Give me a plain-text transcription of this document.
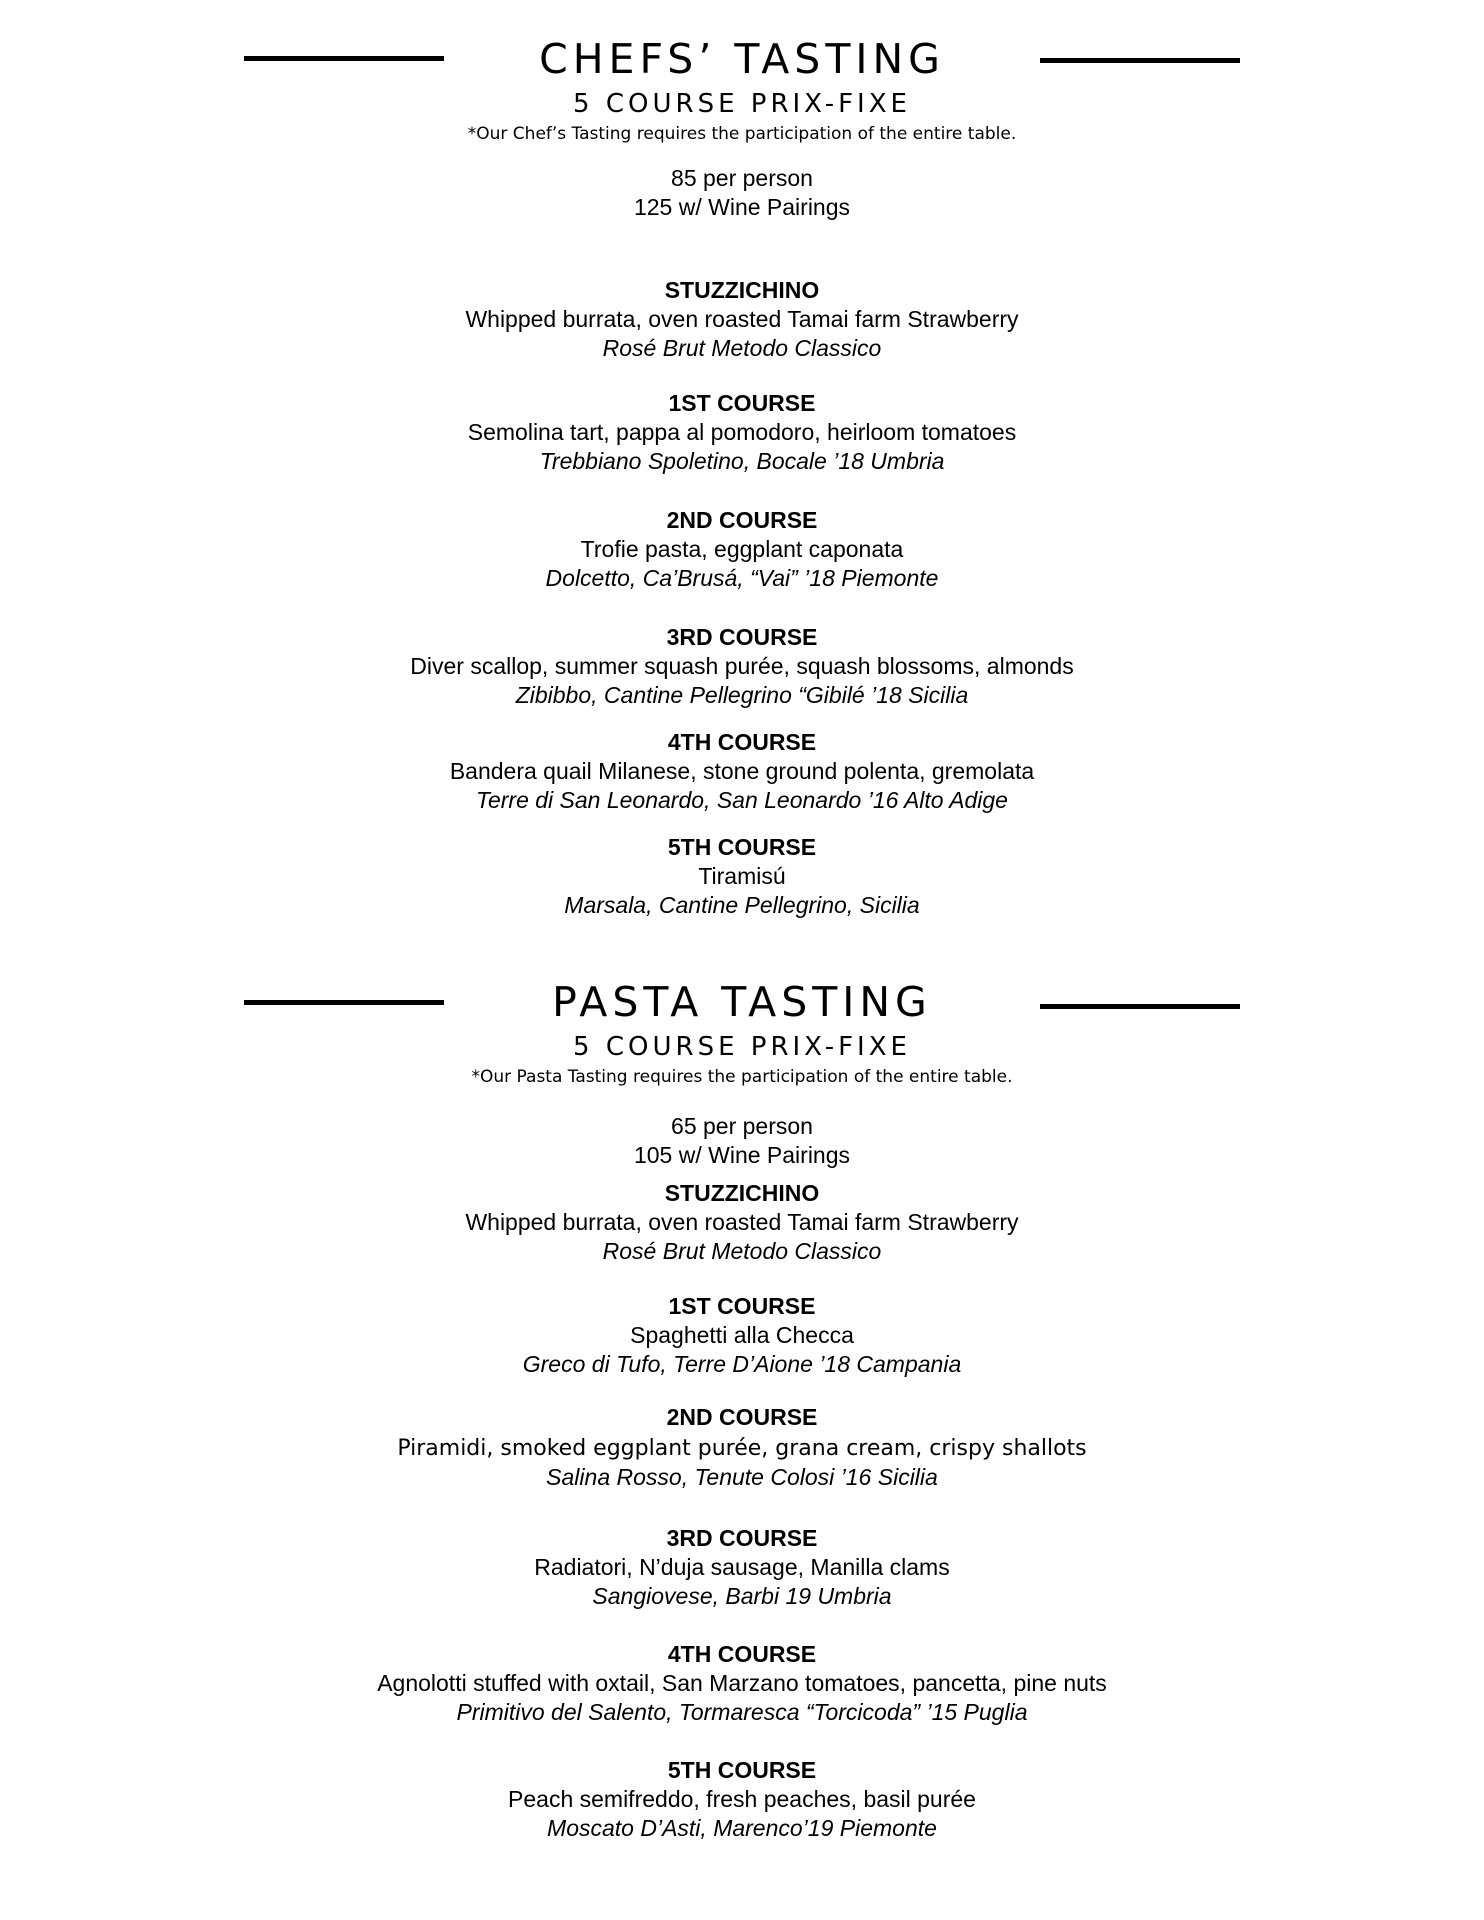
CHEFS’ TASTING
5 COURSE PRIX-FIXE
*Our Chef’s Tasting requires the participation of the entire table.
85 per person
125 w/ Wine Pairings
STUZZICHINO
Whipped burrata, oven roasted Tamai farm Strawberry
Rosé Brut Metodo Classico
1ST COURSE
Semolina tart, pappa al pomodoro, heirloom tomatoes
Trebbiano Spoletino, Bocale ’18 Umbria
2ND COURSE
Trofie pasta, eggplant caponata
Dolcetto, Ca’Brusá, “Vai” ’18 Piemonte
3RD COURSE
Diver scallop, summer squash purée, squash blossoms, almonds
Zibibbo, Cantine Pellegrino “Gibilé ’18 Sicilia
4TH COURSE
Bandera quail Milanese, stone ground polenta, gremolata
Terre di San Leonardo, San Leonardo ’16 Alto Adige
5TH COURSE
Tiramisú
Marsala, Cantine Pellegrino, Sicilia
PASTA TASTING
5 COURSE PRIX-FIXE
*Our Pasta Tasting requires the participation of the entire table.
65 per person
105 w/ Wine Pairings
STUZZICHINO
Whipped burrata, oven roasted Tamai farm Strawberry
Rosé Brut Metodo Classico
1ST COURSE
Spaghetti alla Checca
Greco di Tufo, Terre D’Aione ’18 Campania
2ND COURSE
Piramidi, smoked eggplant purée, grana cream, crispy shallots
Salina Rosso, Tenute Colosi ’16 Sicilia
3RD COURSE
Radiatori, N’duja sausage, Manilla clams
Sangiovese, Barbi 19 Umbria
4TH COURSE
Agnolotti stuffed with oxtail, San Marzano tomatoes, pancetta, pine nuts
Primitivo del Salento, Tormaresca “Torcicoda” ’15 Puglia
5TH COURSE
Peach semifreddo, fresh peaches, basil purée
Moscato D’Asti, Marenco’19 Piemonte
